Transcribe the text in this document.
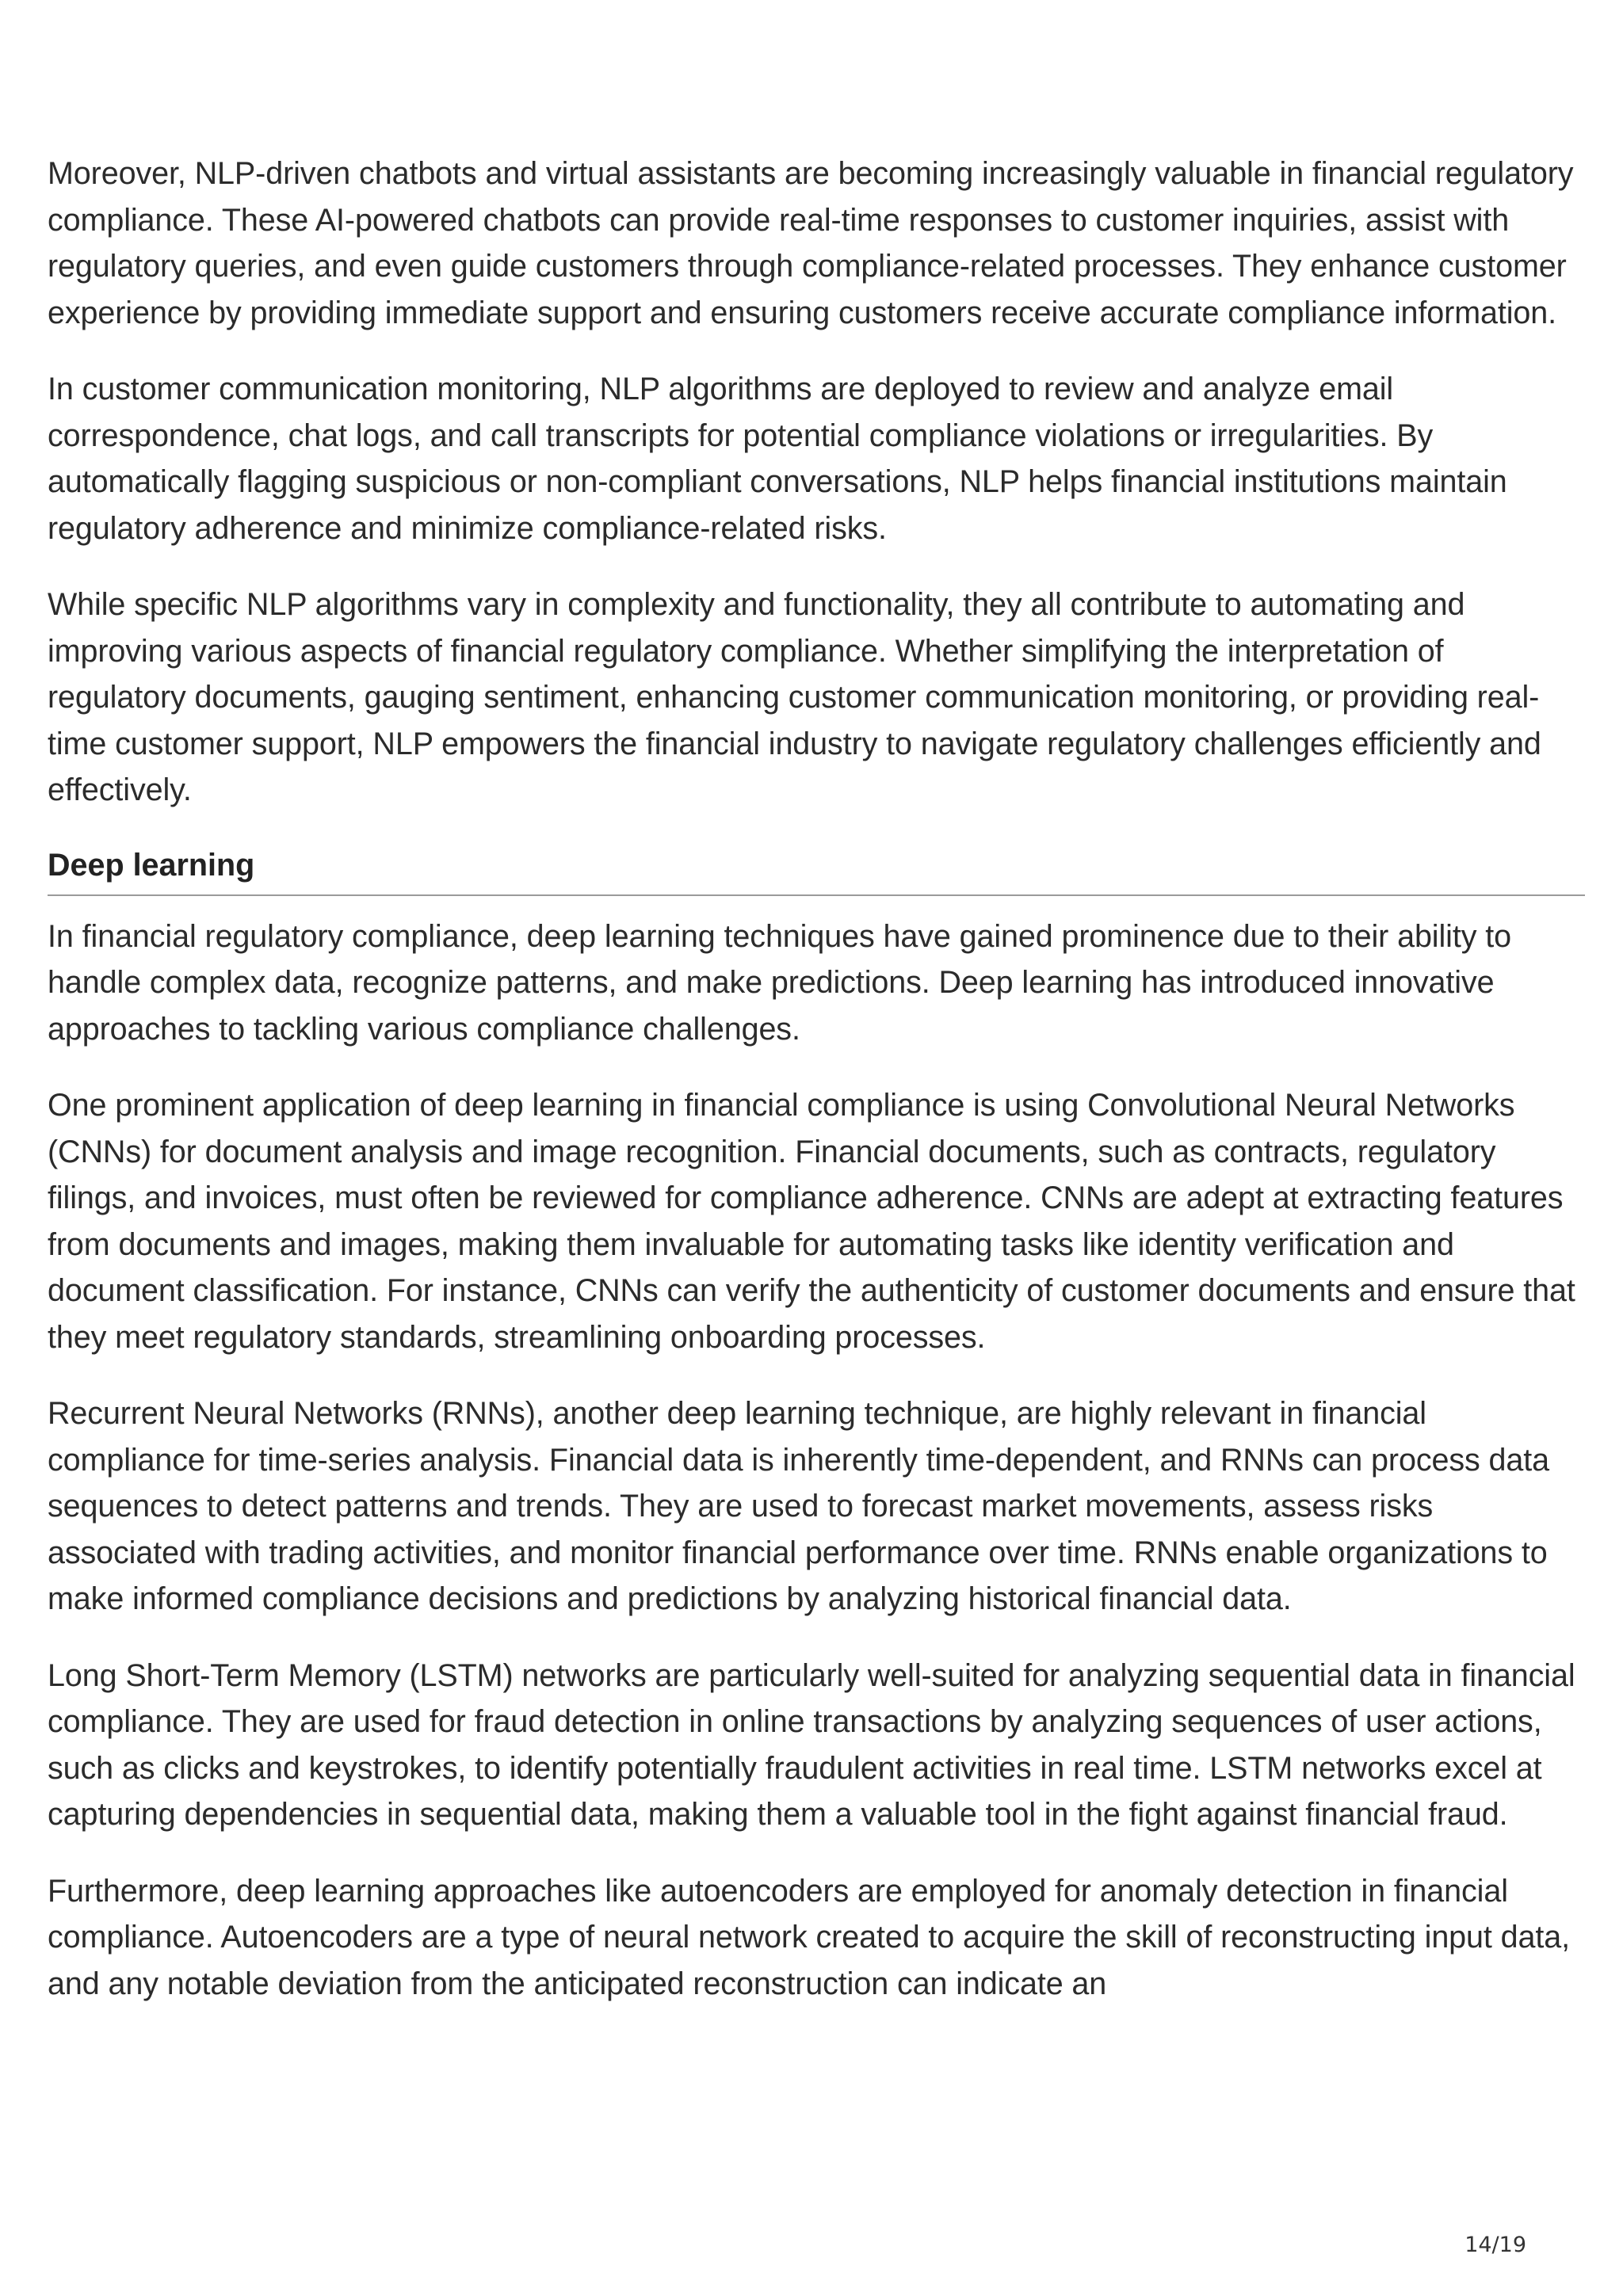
Moreover, NLP-driven chatbots and virtual assistants are becoming increasingly valuable in financial regulatory compliance. These AI-powered chatbots can provide real-time responses to customer inquiries, assist with regulatory queries, and even guide customers through compliance-related processes. They enhance customer experience by providing immediate support and ensuring customers receive accurate compliance information.

In customer communication monitoring, NLP algorithms are deployed to review and analyze email correspondence, chat logs, and call transcripts for potential compliance violations or irregularities. By automatically flagging suspicious or non-compliant conversations, NLP helps financial institutions maintain regulatory adherence and minimize compliance-related risks.

While specific NLP algorithms vary in complexity and functionality, they all contribute to automating and improving various aspects of financial regulatory compliance. Whether simplifying the interpretation of regulatory documents, gauging sentiment, enhancing customer communication monitoring, or providing real-time customer support, NLP empowers the financial industry to navigate regulatory challenges efficiently and effectively.

Deep learning

In financial regulatory compliance, deep learning techniques have gained prominence due to their ability to handle complex data, recognize patterns, and make predictions. Deep learning has introduced innovative approaches to tackling various compliance challenges.

One prominent application of deep learning in financial compliance is using Convolutional Neural Networks (CNNs) for document analysis and image recognition. Financial documents, such as contracts, regulatory filings, and invoices, must often be reviewed for compliance adherence. CNNs are adept at extracting features from documents and images, making them invaluable for automating tasks like identity verification and document classification. For instance, CNNs can verify the authenticity of customer documents and ensure that they meet regulatory standards, streamlining onboarding processes.

Recurrent Neural Networks (RNNs), another deep learning technique, are highly relevant in financial compliance for time-series analysis. Financial data is inherently time-dependent, and RNNs can process data sequences to detect patterns and trends. They are used to forecast market movements, assess risks associated with trading activities, and monitor financial performance over time. RNNs enable organizations to make informed compliance decisions and predictions by analyzing historical financial data.

Long Short-Term Memory (LSTM) networks are particularly well-suited for analyzing sequential data in financial compliance. They are used for fraud detection in online transactions by analyzing sequences of user actions, such as clicks and keystrokes, to identify potentially fraudulent activities in real time. LSTM networks excel at capturing dependencies in sequential data, making them a valuable tool in the fight against financial fraud.

Furthermore, deep learning approaches like autoencoders are employed for anomaly detection in financial compliance. Autoencoders are a type of neural network created to acquire the skill of reconstructing input data, and any notable deviation from the anticipated reconstruction can indicate an

14/19
